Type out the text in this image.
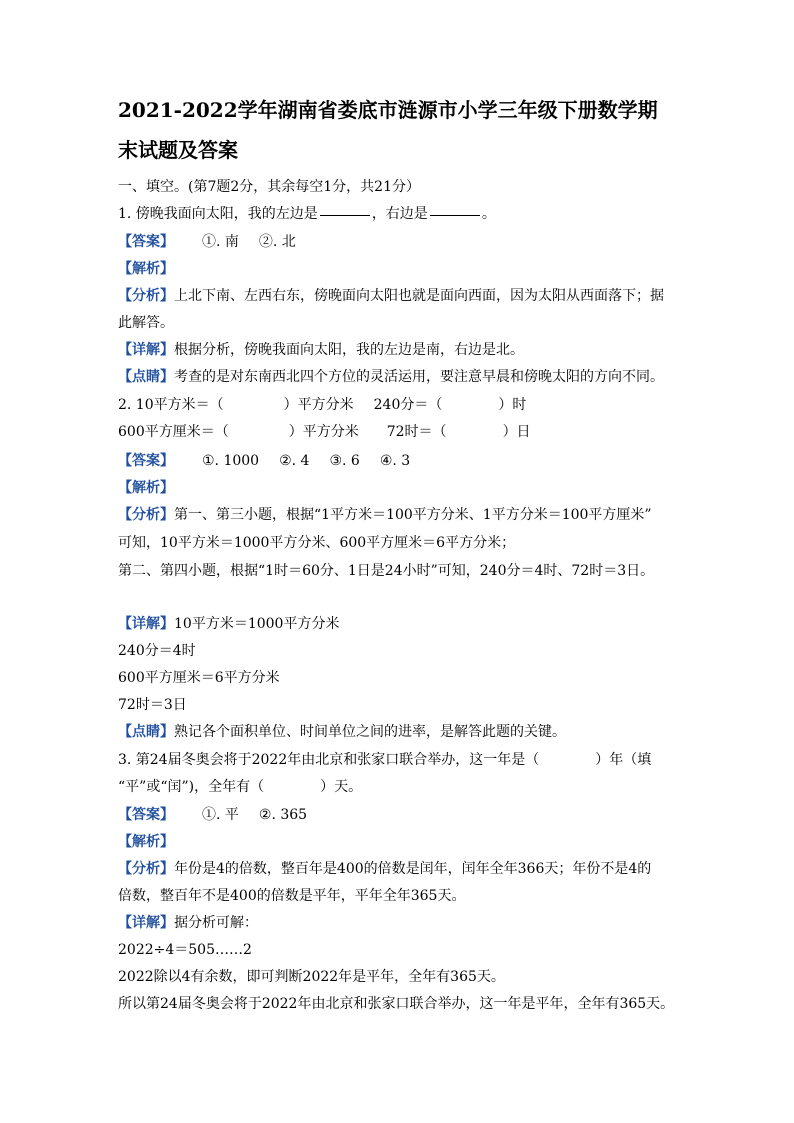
2021-2022学年湖南省娄底市涟源市小学三年级下册数学期
末试题及答案
一、填空。(第7题2分，其余每空1分，共21分）
1. 傍晚我面向太阳，我的左边是	，右边是	。
【答案】 ①. 南 ②. 北
【解析】
【分析】上北下南、左西右东，傍晚面向太阳也就是面向西面，因为太阳从西面落下；据
此解答。
【详解】根据分析，傍晚我面向太阳，我的左边是南，右边是北。
【点睛】考查的是对东南西北四个方位的灵活运用，要注意早晨和傍晚太阳的方向不同。
2. 10平方米＝（	）平方分米 240分＝（	）时
600平方厘米＝（	）平方分米 72时＝（	）日
【答案】 ①. 1000 ②. 4 ③. 6 ④. 3
【解析】
【分析】第一、第三小题，根据“1平方米＝100平方分米、1平方分米＝100平方厘米”
可知，10平方米＝1000平方分米、600平方厘米＝6平方分米；
第二、第四小题，根据“1时＝60分、1日是24小时”可知，240分＝4时、72时＝3日。
【详解】10平方米＝1000平方分米
240分＝4时
600平方厘米＝6平方分米
72时＝3日
【点睛】熟记各个面积单位、时间单位之间的进率，是解答此题的关键。
3. 第24届冬奥会将于2022年由北京和张家口联合举办，这一年是（	）年（填
“平”或“闰”)，全年有（	）天。
【答案】 ①. 平 ②. 365
【解析】
【分析】年份是4的倍数，整百年是400的倍数是闰年，闰年全年366天；年份不是4的
倍数，整百年不是400的倍数是平年，平年全年365天。
【详解】据分析可解：
2022÷4＝505……2
2022除以4有余数，即可判断2022年是平年，全年有365天。
所以第24届冬奥会将于2022年由北京和张家口联合举办，这一年是平年，全年有365天。
